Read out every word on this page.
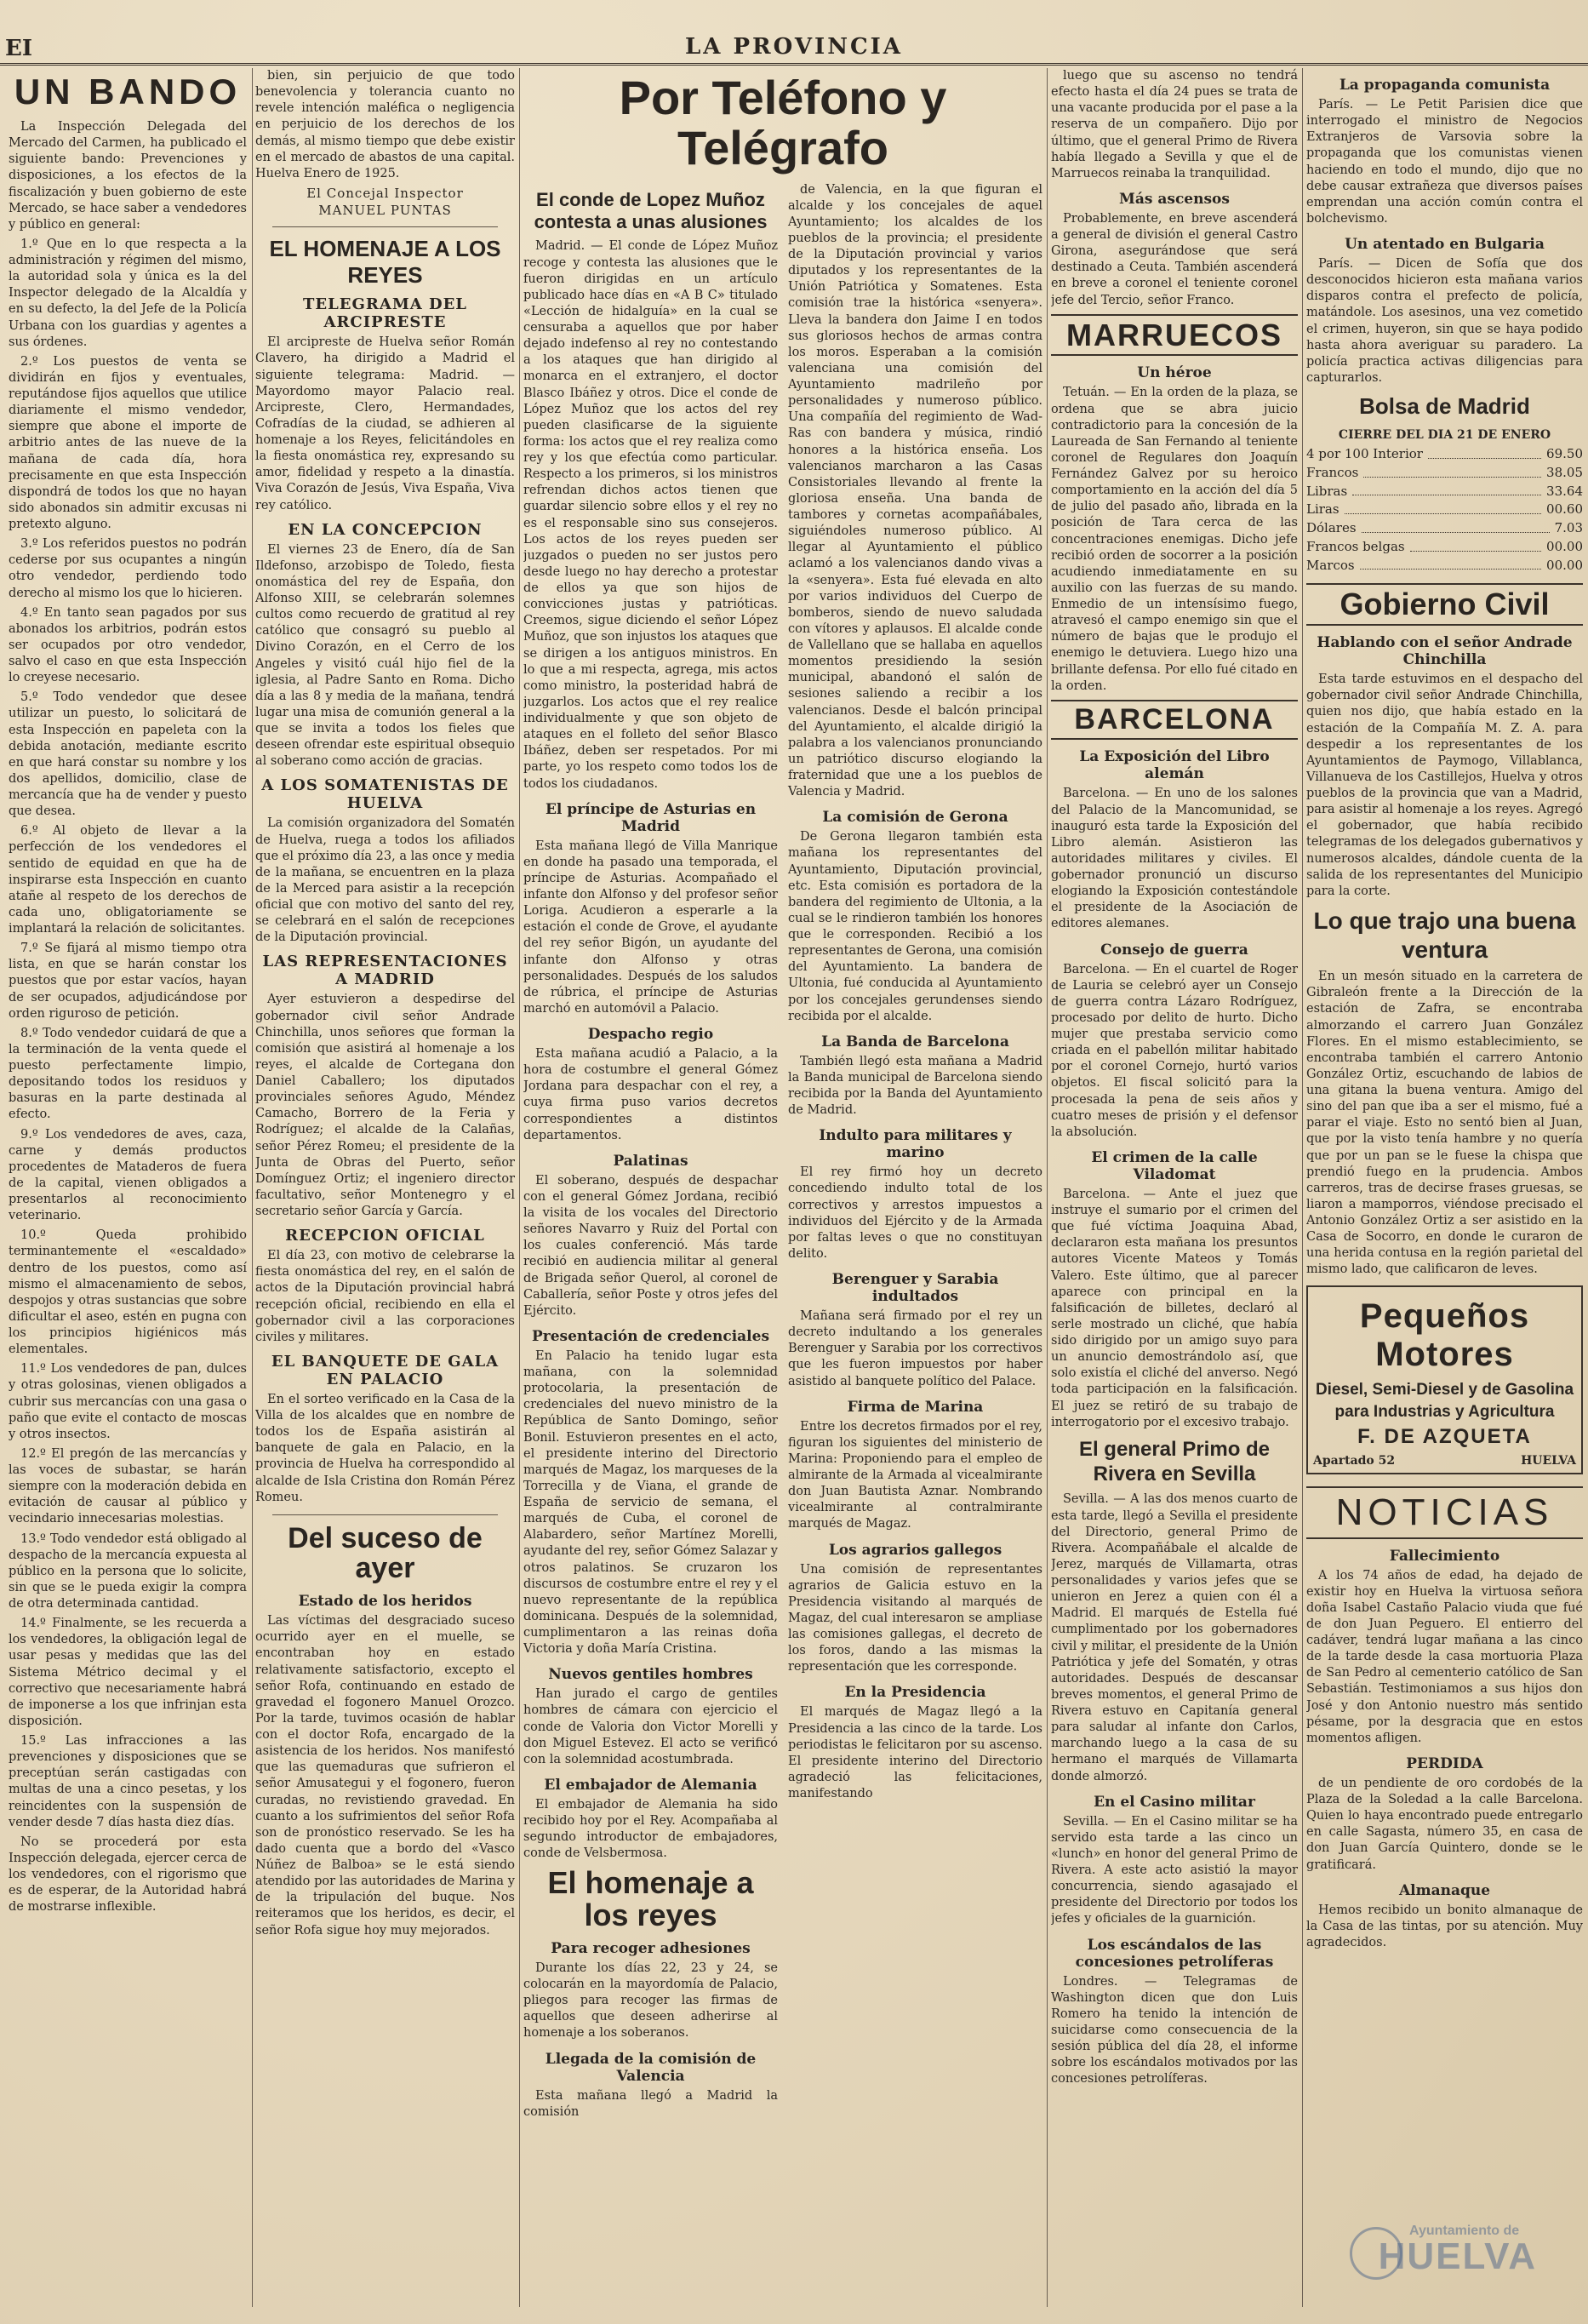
EI	LA PROVINCIA
UN BANDO

La Inspección Delegada del Mercado del Carmen, ha publicado el siguiente bando: Prevenciones y disposiciones, a los efectos de la fiscalización y buen gobierno de este Mercado, se hace saber a vendedores y público en general:

1.º Que en lo que respecta a la administración y régimen del mismo, la autoridad sola y única es la del Inspector delegado de la Alcaldía y en su defecto, la del Jefe de la Policía Urbana con los guardias y agentes a sus órdenes.

2.º Los puestos de venta se dividirán en fijos y eventuales, reputándose fijos aquellos que utilice diariamente el mismo vendedor, siempre que abone el importe de arbitrio antes de las nueve de la mañana de cada día, hora precisamente en que esta Inspección dispondrá de todos los que no hayan sido abonados sin admitir excusas ni pretexto alguno.

3.º Los referidos puestos no podrán cederse por sus ocupantes a ningún otro vendedor, perdiendo todo derecho al mismo los que lo hicieren.

4.º En tanto sean pagados por sus abonados los arbitrios, podrán estos ser ocupados por otro vendedor, salvo el caso en que esta Inspección lo creyese necesario.

5.º Todo vendedor que desee utilizar un puesto, lo solicitará de esta Inspección en papeleta con la debida anotación, mediante escrito en que hará constar su nombre y los dos apellidos, domicilio, clase de mercancía que ha de vender y puesto que desea.

6.º Al objeto de llevar a la perfección de los vendedores el sentido de equidad en que ha de inspirarse esta Inspección en cuanto atañe al respeto de los derechos de cada uno, obligatoriamente se implantará la relación de solicitantes.

7.º Se fijará al mismo tiempo otra lista, en que se harán constar los puestos que por estar vacíos, hayan de ser ocupados, adjudicándose por orden riguroso de petición.

8.º Todo vendedor cuidará de que a la terminación de la venta quede el puesto perfectamente limpio, depositando todos los residuos y basuras en la parte destinada al efecto.

9.º Los vendedores de aves, caza, carne y demás productos procedentes de Mataderos de fuera de la capital, vienen obligados a presentarlos al reconocimiento veterinario.

10.º Queda prohibido terminantemente el «escaldado» dentro de los puestos, como así mismo el almacenamiento de sebos, despojos y otras sustancias que sobre dificultar el aseo, estén en pugna con los principios higiénicos más elementales.

11.º Los vendedores de pan, dulces y otras golosinas, vienen obligados a cubrir sus mercancías con una gasa o paño que evite el contacto de moscas y otros insectos.

12.º El pregón de las mercancías y las voces de subastar, se harán siempre con la moderación debida en evitación de causar al público y vecindario innecesarias molestias.

13.º Todo vendedor está obligado al despacho de la mercancía expuesta al público en la persona que lo solicite, sin que se le pueda exigir la compra de otra determinada cantidad.

14.º Finalmente, se les recuerda a los vendedores, la obligación legal de usar pesas y medidas que las del Sistema Métrico decimal y el correctivo que necesariamente habrá de imponerse a los que infrinjan esta disposición.

15.º Las infracciones a las prevenciones y disposiciones que se preceptúan serán castigadas con multas de una a cinco pesetas, y los reincidentes con la suspensión de vender desde 7 días hasta diez días.

No se procederá por esta Inspección delegada, ejercer cerca de los vendedores, con el rigorismo que es de esperar, de la Autoridad habrá de mostrarse inflexible.

bien, sin perjuicio de que todo benevolencia y tolerancia cuanto no revele intención maléfica o negligencia en perjuicio de los derechos de los demás, al mismo tiempo que debe existir en el mercado de abastos de una capital. Huelva Enero de 1925.

El Concejal Inspector
MANUEL PUNTAS
EL HOMENAJE A LOS REYES
TELEGRAMA DEL ARCIPRESTE

El arcipreste de Huelva señor Román Clavero, ha dirigido a Madrid el siguiente telegrama: Madrid. — Mayordomo mayor Palacio real. Arcipreste, Clero, Hermandades, Cofradías de la ciudad, se adhieren al homenaje a los Reyes, felicitándoles en la fiesta onomástica rey, expresando su amor, fidelidad y respeto a la dinastía. Viva Corazón de Jesús, Viva España, Viva rey católico.

EN LA CONCEPCION

El viernes 23 de Enero, día de San Ildefonso, arzobispo de Toledo, fiesta onomástica del rey de España, don Alfonso XIII, se celebrarán solemnes cultos como recuerdo de gratitud al rey católico que consagró su pueblo al Divino Corazón, en el Cerro de los Angeles y visitó cuál hijo fiel de la iglesia, al Padre Santo en Roma. Dicho día a las 8 y media de la mañana, tendrá lugar una misa de comunión general a la que se invita a todos los fieles que deseen ofrendar este espiritual obsequio al soberano como acción de gracias.

A LOS SOMATENISTAS DE HUELVA

La comisión organizadora del Somatén de Huelva, ruega a todos los afiliados que el próximo día 23, a las once y media de la mañana, se encuentren en la plaza de la Merced para asistir a la recepción oficial que con motivo del santo del rey, se celebrará en el salón de recepciones de la Diputación provincial.

LAS REPRESENTACIONES A MADRID

Ayer estuvieron a despedirse del gobernador civil señor Andrade Chinchilla, unos señores que forman la comisión que asistirá al homenaje a los reyes, el alcalde de Cortegana don Daniel Caballero; los diputados provinciales señores Agudo, Méndez Camacho, Borrero de la Feria y Rodríguez; el alcalde de la Calañas, señor Pérez Romeu; el presidente de la Junta de Obras del Puerto, señor Domínguez Ortiz; el ingeniero director facultativo, señor Montenegro y el secretario señor García y García.

RECEPCION OFICIAL

El día 23, con motivo de celebrarse la fiesta onomástica del rey, en el salón de actos de la Diputación provincial habrá recepción oficial, recibiendo en ella el gobernador civil a las corporaciones civiles y militares.

EL BANQUETE DE GALA EN PALACIO

En el sorteo verificado en la Casa de la Villa de los alcaldes que en nombre de todos los de España asistirán al banquete de gala en Palacio, en la provincia de Huelva ha correspondido al alcalde de Isla Cristina don Román Pérez Romeu.

Del suceso de ayer
Estado de los heridos

Las víctimas del desgraciado suceso ocurrido ayer en el muelle, se encontraban hoy en estado relativamente satisfactorio, excepto el señor Rofa, continuando en estado de gravedad el fogonero Manuel Orozco. Por la tarde, tuvimos ocasión de hablar con el doctor Rofa, encargado de la asistencia de los heridos. Nos manifestó que las quemaduras que sufrieron el señor Amusategui y el fogonero, fueron curadas, no revistiendo gravedad. En cuanto a los sufrimientos del señor Rofa son de pronóstico reservado. Se les ha dado cuenta que a bordo del «Vasco Núñez de Balboa» se le está siendo atendido por las autoridades de Marina y de la tripulación del buque. Nos reiteramos que los heridos, es decir, el señor Rofa sigue hoy muy mejorados.

Por Teléfono y Telégrafo
El conde de Lopez Muñoz contesta a unas alusiones

Madrid. — El conde de López Muñoz recoge y contesta las alusiones que le fueron dirigidas en un artículo publicado hace días en «A B C» titulado «Lección de hidalguía» en la cual se censuraba a aquellos que por haber dejado indefenso al rey no contestando a los ataques que han dirigido al monarca en el extranjero, el doctor Blasco Ibáñez y otros. Dice el conde de López Muñoz que los actos del rey pueden clasificarse de la siguiente forma: los actos que el rey realiza como rey y los que efectúa como particular. Respecto a los primeros, si los ministros refrendan dichos actos tienen que guardar silencio sobre ellos y el rey no es el responsable sino sus consejeros. Los actos de los reyes pueden ser juzgados o pueden no ser justos pero desde luego no hay derecho a protestar de ellos ya que son hijos de convicciones justas y patrióticas. Creemos, sigue diciendo el señor López Muñoz, que son injustos los ataques que se dirigen a los antiguos ministros. En lo que a mi respecta, agrega, mis actos como ministro, la posteridad habrá de juzgarlos. Los actos que el rey realice individualmente y que son objeto de ataques en el folleto del señor Blasco Ibáñez, deben ser respetados. Por mi parte, yo los respeto como todos los de todos los ciudadanos.

El príncipe de Asturias en Madrid

Esta mañana llegó de Villa Manrique en donde ha pasado una temporada, el príncipe de Asturias. Acompañado el infante don Alfonso y del profesor señor Loriga. Acudieron a esperarle a la estación el conde de Grove, el ayudante del rey señor Bigón, un ayudante del infante don Alfonso y otras personalidades. Después de los saludos de rúbrica, el príncipe de Asturias marchó en automóvil a Palacio.

Despacho regio

Esta mañana acudió a Palacio, a la hora de costumbre el general Gómez Jordana para despachar con el rey, a cuya firma puso varios decretos correspondientes a distintos departamentos.

Palatinas

El soberano, después de despachar con el general Gómez Jordana, recibió la visita de los vocales del Directorio señores Navarro y Ruiz del Portal con los cuales conferenció. Más tarde recibió en audiencia militar al general de Brigada señor Querol, al coronel de Caballería, señor Poste y otros jefes del Ejército.

Presentación de credenciales

En Palacio ha tenido lugar esta mañana, con la solemnidad protocolaria, la presentación de credenciales del nuevo ministro de la República de Santo Domingo, señor Bonil. Estuvieron presentes en el acto, el presidente interino del Directorio marqués de Magaz, los marqueses de la Torrecilla y de Viana, el grande de España de servicio de semana, el marqués de Cuba, el coronel de Alabardero, señor Martínez Morelli, ayudante del rey, señor Gómez Salazar y otros palatinos. Se cruzaron los discursos de costumbre entre el rey y el nuevo representante de la república dominicana. Después de la solemnidad, cumplimentaron a las reinas doña Victoria y doña María Cristina.

Nuevos gentiles hombres

Han jurado el cargo de gentiles hombres de cámara con ejercicio el conde de Valoria don Victor Morelli y don Miguel Estevez. El acto se verificó con la solemnidad acostumbrada.

El embajador de Alemania

El embajador de Alemania ha sido recibido hoy por el Rey. Acompañaba al segundo introductor de embajadores, conde de Velsbermosa.

El homenaje a los reyes
Para recoger adhesiones

Durante los días 22, 23 y 24, se colocarán en la mayordomía de Palacio, pliegos para recoger las firmas de aquellos que deseen adherirse al homenaje a los soberanos.

Llegada de la comisión de Valencia

Esta mañana llegó a Madrid la comisión

de Valencia, en la que figuran el alcalde y los concejales de aquel Ayuntamiento; los alcaldes de los pueblos de la provincia; el presidente de la Diputación provincial y varios diputados y los representantes de la Unión Patriótica y Somatenes. Esta comisión trae la histórica «senyera». Lleva la bandera don Jaime I en todos sus gloriosos hechos de armas contra los moros. Esperaban a la comisión valenciana una comisión del Ayuntamiento madrileño por personalidades y numeroso público. Una compañía del regimiento de Wad-Ras con bandera y música, rindió honores a la histórica enseña. Los valencianos marcharon a las Casas Consistoriales llevando al frente la gloriosa enseña. Una banda de tambores y cornetas acompañábales, siguiéndoles numeroso público. Al llegar al Ayuntamiento el público aclamó a los valencianos dando vivas a la «senyera». Esta fué elevada en alto por varios individuos del Cuerpo de bomberos, siendo de nuevo saludada con vítores y aplausos. El alcalde conde de Vallellano que se hallaba en aquellos momentos presidiendo la sesión municipal, abandonó el salón de sesiones saliendo a recibir a los valencianos. Desde el balcón principal del Ayuntamiento, el alcalde dirigió la palabra a los valencianos pronunciando un patriótico discurso elogiando la fraternidad que une a los pueblos de Valencia y Madrid.

La comisión de Gerona

De Gerona llegaron también esta mañana los representantes del Ayuntamiento, Diputación provincial, etc. Esta comisión es portadora de la bandera del regimiento de Ultonia, a la cual se le rindieron también los honores que le corresponden. Recibió a los representantes de Gerona, una comisión del Ayuntamiento. La bandera de Ultonia, fué conducida al Ayuntamiento por los concejales gerundenses siendo recibida por el alcalde.

La Banda de Barcelona

También llegó esta mañana a Madrid la Banda municipal de Barcelona siendo recibida por la Banda del Ayuntamiento de Madrid.

Indulto para militares y marino

El rey firmó hoy un decreto concediendo indulto total de los correctivos y arrestos impuestos a individuos del Ejército y de la Armada por faltas leves o que no constituyan delito.

Berenguer y Sarabia indultados

Mañana será firmado por el rey un decreto indultando a los generales Berenguer y Sarabia por los correctivos que les fueron impuestos por haber asistido al banquete político del Palace.

Firma de Marina

Entre los decretos firmados por el rey, figuran los siguientes del ministerio de Marina: Proponiendo para el empleo de almirante de la Armada al vicealmirante don Juan Bautista Aznar. Nombrando vicealmirante al contralmirante marqués de Magaz.

Los agrarios gallegos

Una comisión de representantes agrarios de Galicia estuvo en la Presidencia visitando al marqués de Magaz, del cual interesaron se ampliase las comisiones gallegas, el decreto de los foros, dando a las mismas la representación que les corresponde.

En la Presidencia

El marqués de Magaz llegó a la Presidencia a las cinco de la tarde. Los periodistas le felicitaron por su ascenso. El presidente interino del Directorio agradeció las felicitaciones, manifestando

luego que su ascenso no tendrá efecto hasta el día 24 pues se trata de una vacante producida por el pase a la reserva de un compañero. Dijo por último, que el general Primo de Rivera había llegado a Sevilla y que el de Marruecos reinaba la tranquilidad.

Más ascensos

Probablemente, en breve ascenderá a general de división el general Castro Girona, asegurándose que será destinado a Ceuta. También ascenderá en breve a coronel el teniente coronel jefe del Tercio, señor Franco.

MARRUECOS
Un héroe

Tetuán. — En la orden de la plaza, se ordena que se abra juicio contradictorio para la concesión de la Laureada de San Fernando al teniente coronel de Regulares don Joaquín Fernández Galvez por su heroico comportamiento en la acción del día 5 de julio del pasado año, librada en la posición de Tara cerca de las concentraciones enemigas. Dicho jefe recibió orden de socorrer a la posición acudiendo inmediatamente en su auxilio con las fuerzas de su mando. Enmedio de un intensísimo fuego, atravesó el campo enemigo sin que el número de bajas que le produjo el enemigo le detuviera. Luego hizo una brillante defensa. Por ello fué citado en la orden.

BARCELONA
La Exposición del Libro alemán

Barcelona. — En uno de los salones del Palacio de la Mancomunidad, se inauguró esta tarde la Exposición del Libro alemán. Asistieron las autoridades militares y civiles. El gobernador pronunció un discurso elogiando la Exposición contestándole el presidente de la Asociación de editores alemanes.

Consejo de guerra

Barcelona. — En el cuartel de Roger de Lauria se celebró ayer un Consejo de guerra contra Lázaro Rodríguez, procesado por delito de hurto. Dicho mujer que prestaba servicio como criada en el pabellón militar habitado por el coronel Cornejo, hurtó varios objetos. El fiscal solicitó para la procesada la pena de seis años y cuatro meses de prisión y el defensor la absolución.

El crimen de la calle Viladomat

Barcelona. — Ante el juez que instruye el sumario por el crimen del que fué víctima Joaquina Abad, declararon esta mañana los presuntos autores Vicente Mateos y Tomás Valero. Este último, que al parecer aparece con principal en la falsificación de billetes, declaró al serle mostrado un cliché, que había sido dirigido por un amigo suyo para un anuncio demostrándolo así, que solo existía el cliché del anverso. Negó toda participación en la falsificación. El juez se retiró de su trabajo de interrogatorio por el excesivo trabajo.

El general Primo de Rivera en Sevilla

Sevilla. — A las dos menos cuarto de esta tarde, llegó a Sevilla el presidente del Directorio, general Primo de Rivera. Acompañábale el alcalde de Jerez, marqués de Villamarta, otras personalidades y varios jefes que se unieron en Jerez a quien con él a Madrid. El marqués de Estella fué cumplimentado por los gobernadores civil y militar, el presidente de la Unión Patriótica y jefe del Somatén, y otras autoridades. Después de descansar breves momentos, el general Primo de Rivera estuvo en Capitanía general para saludar al infante don Carlos, marchando luego a la casa de su hermano el marqués de Villamarta donde almorzó.

En el Casino militar

Sevilla. — En el Casino militar se ha servido esta tarde a las cinco un «lunch» en honor del general Primo de Rivera. A este acto asistió la mayor concurrencia, siendo agasajado el presidente del Directorio por todos los jefes y oficiales de la guarnición.

Los escándalos de las concesiones petrolíferas

Londres. — Telegramas de Washington dicen que don Luis Romero ha tenido la intención de suicidarse como consecuencia de la sesión pública del día 28, el informe sobre los escándalos motivados por las concesiones petrolíferas.

La propaganda comunista

París. — Le Petit Parisien dice que interrogado el ministro de Negocios Extranjeros de Varsovia sobre la propaganda que los comunistas vienen haciendo en todo el mundo, dijo que no debe causar extrañeza que diversos países emprendan una acción común contra el bolchevismo.

Un atentado en Bulgaria

París. — Dicen de Sofía que dos desconocidos hicieron esta mañana varios disparos contra el prefecto de policía, matándole. Los asesinos, una vez cometido el crimen, huyeron, sin que se haya podido hasta ahora averiguar su paradero. La policía practica activas diligencias para capturarlos.

Bolsa de Madrid
CIERRE DEL DIA 21 DE ENERO
4 por 100 Interior	69.50
Francos	38.05
Libras	33.64
Liras	00.60
Dólares	7.03
Francos belgas	00.00
Marcos	00.00
Gobierno Civil
Hablando con el señor Andrade Chinchilla

Esta tarde estuvimos en el despacho del gobernador civil señor Andrade Chinchilla, quien nos dijo, que había estado en la estación de la Compañía M. Z. A. para despedir a los representantes de los Ayuntamientos de Paymogo, Villablanca, Villanueva de los Castillejos, Huelva y otros pueblos de la provincia que van a Madrid, para asistir al homenaje a los reyes. Agregó el gobernador, que había recibido telegramas de los delegados gubernativos y numerosos alcaldes, dándole cuenta de la salida de los representantes del Municipio para la corte.

Lo que trajo una buena ventura

En un mesón situado en la carretera de Gibraleón frente a la Dirección de la estación de Zafra, se encontraba almorzando el carrero Juan González Flores. En el mismo establecimiento, se encontraba también el carrero Antonio González Ortiz, escuchando de labios de una gitana la buena ventura. Amigo del sino del pan que iba a ser el mismo, fué a parar el viaje. Esto no sentó bien al Juan, que por la visto tenía hambre y no quería que por un pan se le fuese la chispa que prendió fuego en la prudencia. Ambos carreros, tras de decirse frases gruesas, se liaron a mamporros, viéndose precisado el Antonio González Ortiz a ser asistido en la Casa de Socorro, en donde le curaron de una herida contusa en la región parietal del mismo lado, que calificaron de leves.

Pequeños Motores
Diesel, Semi-Diesel y de Gasolina
para Industrias y Agricultura
F. DE AZQUETA
Apartado 52	HUELVA
NOTICIAS
Fallecimiento

A los 74 años de edad, ha dejado de existir hoy en Huelva la virtuosa señora doña Isabel Castaño Palacio viuda que fué de don Juan Peguero. El entierro del cadáver, tendrá lugar mañana a las cinco de la tarde desde la casa mortuoria Plaza de San Pedro al cementerio católico de San Sebastián. Testimoniamos a sus hijos don José y don Antonio nuestro más sentido pésame, por la desgracia que en estos momentos afligen.

PERDIDA

de un pendiente de oro cordobés de la Plaza de la Soledad a la calle Barcelona. Quien lo haya encontrado puede entregarlo en calle Sagasta, número 35, en casa de don Juan García Quintero, donde se le gratificará.

Almanaque

Hemos recibido un bonito almanaque de la Casa de las tintas, por su atención. Muy agradecidos.

Ayuntamiento de
HUELVA
